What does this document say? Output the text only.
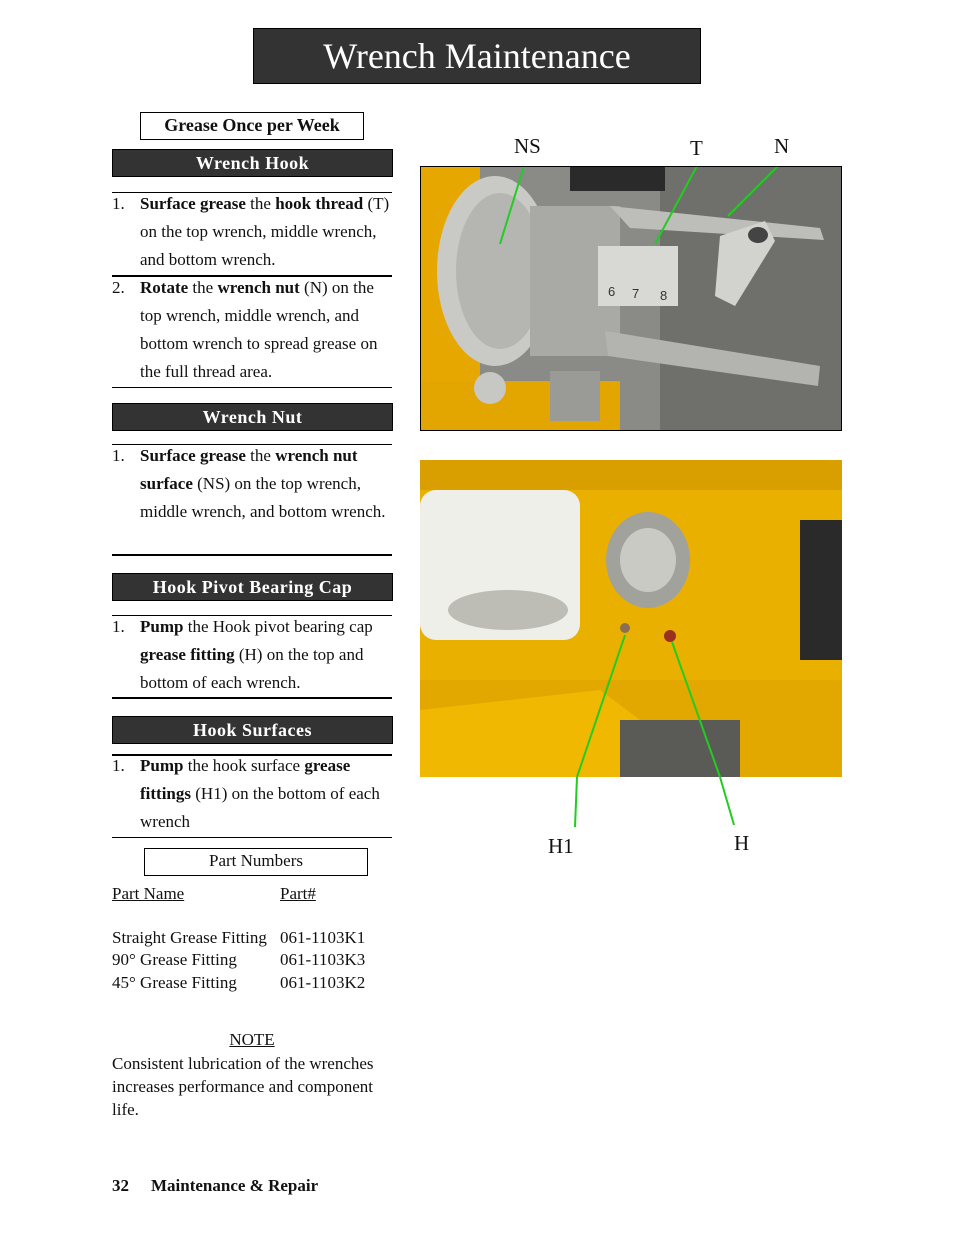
Wrench Maintenance
Grease Once per Week
Wrench Hook
1. Surface grease the hook thread (T) on the top wrench, middle wrench, and bottom wrench.
2. Rotate the wrench nut (N) on the top wrench, middle wrench, and bottom wrench to spread grease on the full thread area.
Wrench Nut
1. Surface grease the wrench nut surface (NS) on the top wrench, middle wrench, and bottom wrench.
Hook Pivot Bearing Cap
1. Pump the Hook pivot bearing cap grease fitting (H) on the top and bottom of each wrench.
Hook Surfaces
1. Pump the hook surface grease fittings (H1) on the bottom of each wrench
Part Numbers
Part Name	Part#
Straight Grease Fitting 061-1103K1
90° Grease Fitting	061-1103K3
45° Grease Fitting	061-1103K2
NOTE
Consistent lubrication of the wrenches increases performance and component life.
32 Maintenance & Repair
NS	T	N
6 7 8
H1	H
